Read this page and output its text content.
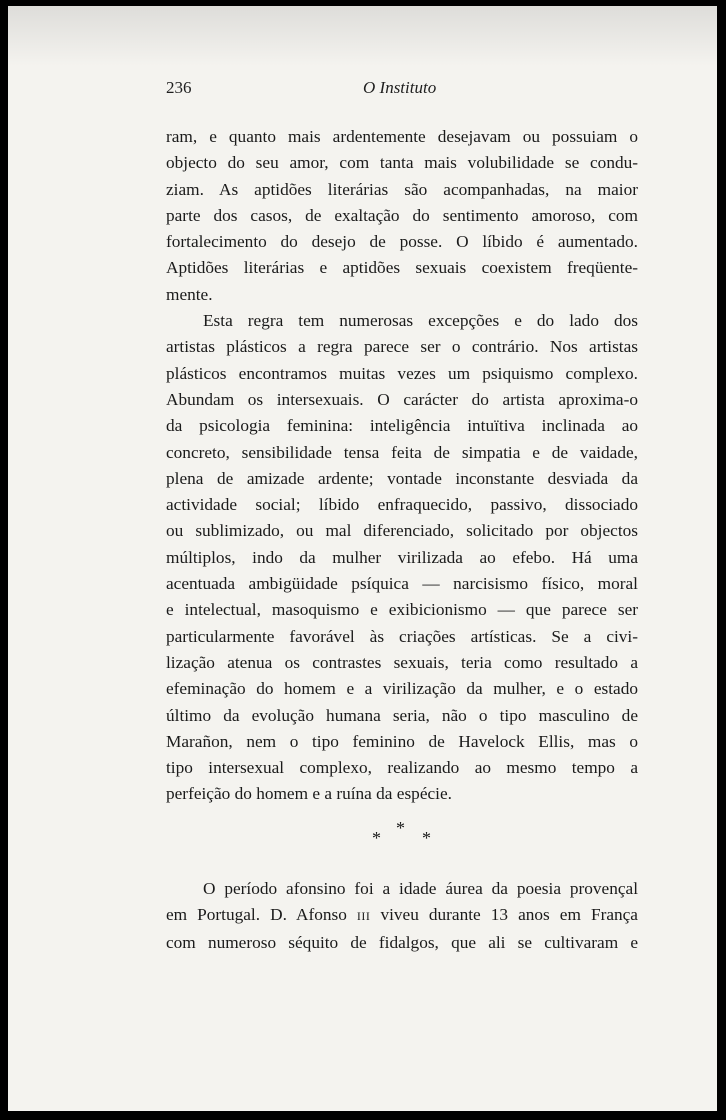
236	O Instituto
ram, e quanto mais ardentemente desejavam ou possuiam o
objecto do seu amor, com tanta mais volubilidade se condu-
ziam. As aptidões literárias são acompanhadas, na maior
parte dos casos, de exaltação do sentimento amoroso, com
fortalecimento do desejo de posse. O líbido é aumentado.
Aptidões literárias e aptidões sexuais coexistem freqüente-
mente.
Esta regra tem numerosas excepções e do lado dos
artistas plásticos a regra parece ser o contrário. Nos artistas
plásticos encontramos muitas vezes um psiquismo complexo.
Abundam os intersexuais. O carácter do artista aproxima-o
da psicologia feminina: inteligência intuïtiva inclinada ao
concreto, sensibilidade tensa feita de simpatia e de vaidade,
plena de amizade ardente; vontade inconstante desviada da
actividade social; líbido enfraquecido, passivo, dissociado
ou sublimizado, ou mal diferenciado, solicitado por objectos
múltiplos, indo da mulher virilizada ao efebo. Há uma
acentuada ambigüidade psíquica — narcisismo físico, moral
e intelectual, masoquismo e exibicionismo — que parece ser
particularmente favorável às criações artísticas. Se a civi-
lização atenua os contrastes sexuais, teria como resultado a
efeminação do homem e a virilização da mulher, e o estado
último da evolução humana seria, não o tipo masculino de
Marañon, nem o tipo feminino de Havelock Ellis, mas o
tipo intersexual complexo, realizando ao mesmo tempo a
perfeição do homem e a ruína da espécie.
* * *
O período afonsino foi a idade áurea da poesia provençal
em Portugal. D. Afonso III viveu durante 13 anos em França
com numeroso séquito de fidalgos, que ali se cultivaram e
